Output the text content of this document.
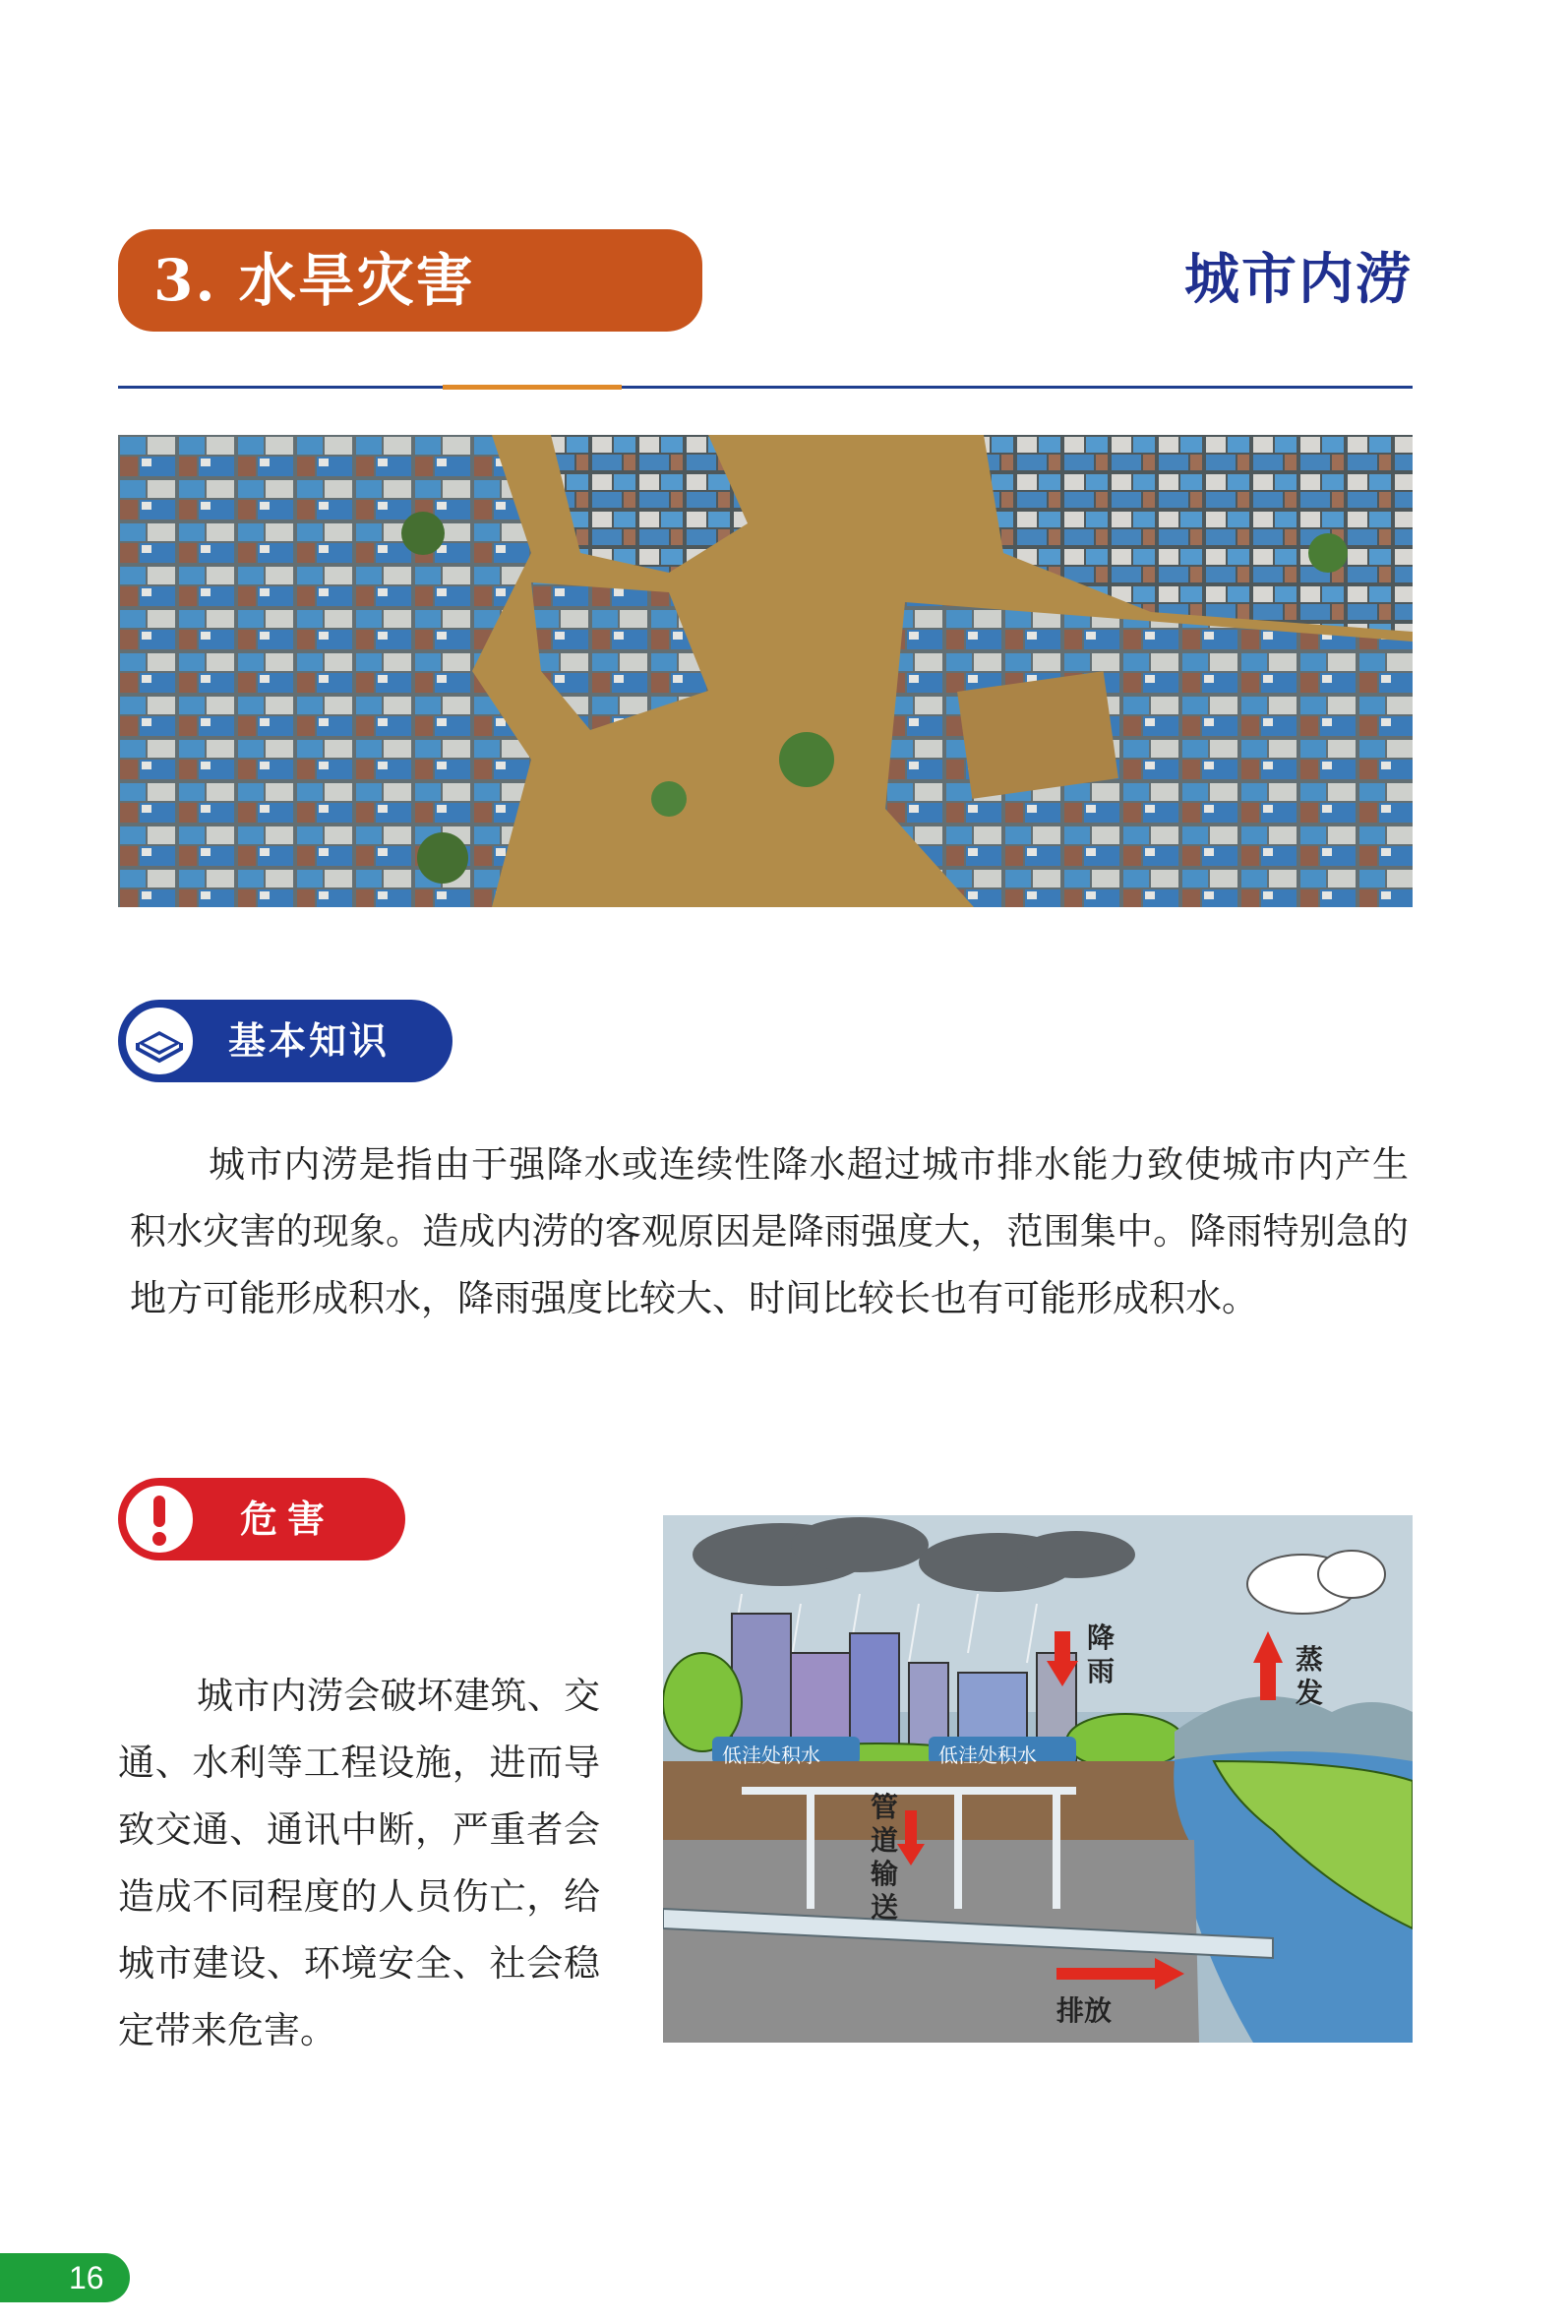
3. 水旱灾害	城市内涝
基本知识

城市内涝是指由于强降水或连续性降水超过城市排水能力致使城市内产生积水灾害的现象。造成内涝的客观原因是降雨强度大，范围集中。降雨特别急的地方可能形成积水，降雨强度比较大、时间比较长也有可能形成积水。

危害

城市内涝会破坏建筑、交通、水利等工程设施，进而导致交通、通讯中断，严重者会造成不同程度的人员伤亡，给城市建设、环境安全、社会稳定带来危害。

低洼处积水	低洼处积水
降雨	蒸发
管道输送
排放
16
